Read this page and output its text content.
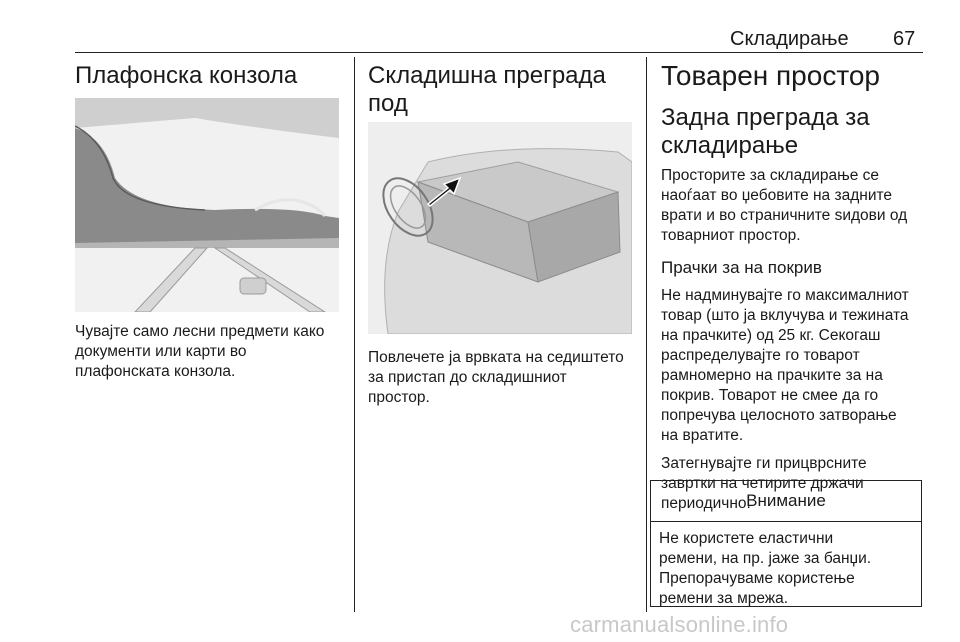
Складирање 67
Плафонска конзола

Чувајте само лесни предмети како

документи или карти во

плафонската конзола.

Складишна преграда под

Повлечете ја врвката на седиштето

за пристап до складишниот

простор.

Товарен простор
Задна преграда за
складирање

Просторите за складирање се

наоѓаат во џебовите на задните

врати и во страничните sидови од

товарниот простор.

Прачки за на покрив

Не надминувајте го максималниот

товар (што ја вклучува и тежината

на прачките) од 25 кг. Секогаш

распределувајте го товарот

рамномерно на прачките за на

покрив. Товарот не смее да го

попречува целосното затворање

на вратите.

Затегнувајте ги прицврсните

завртки на четирите држачи

периодично.

Внимание
Не користете еластични
ремени, на пр. јаже за банџи.
Препорачуваме користење
ремени за мрежа.
carmanualsonline.info
